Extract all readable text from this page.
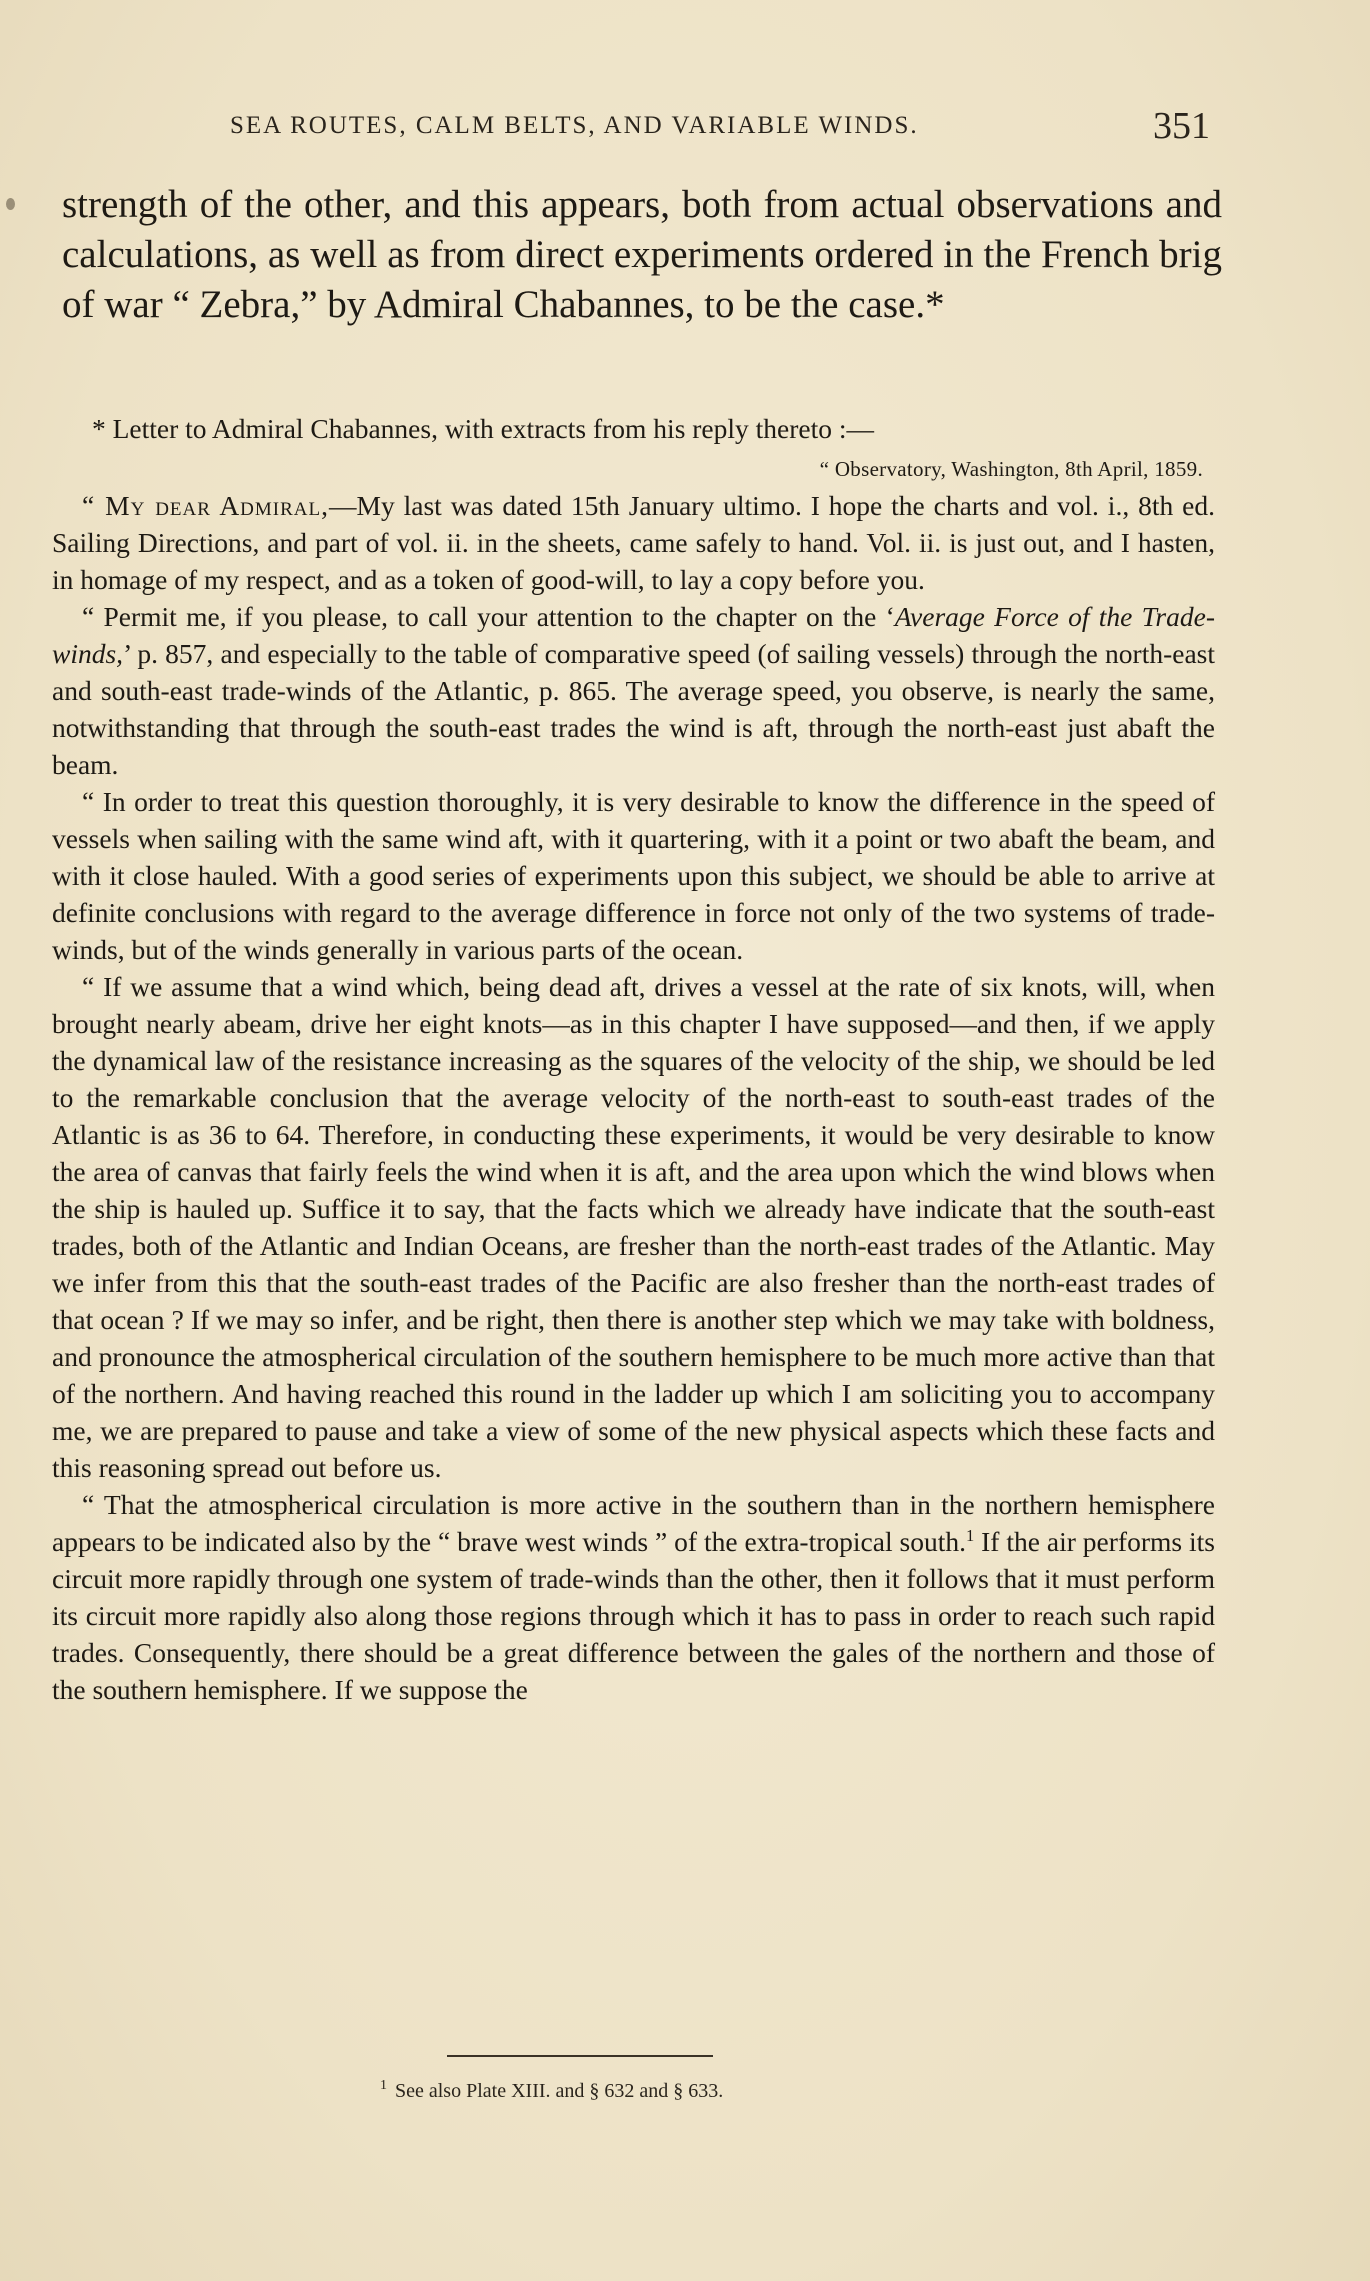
SEA ROUTES, CALM BELTS, AND VARIABLE WINDS.	351

strength of the other, and this appears, both from actual observations and calculations, as well as from direct experiments ordered in the French brig of war “ Zebra,” by Admiral Chabannes, to be the case.*

* Letter to Admiral Chabannes, with extracts from his reply thereto :—

“ Observatory, Washington, 8th April, 1859.

“ My dear Admiral,—My last was dated 15th January ultimo. I hope the charts and vol. i., 8th ed. Sailing Directions, and part of vol. ii. in the sheets, came safely to hand. Vol. ii. is just out, and I hasten, in homage of my respect, and as a token of good-will, to lay a copy before you.

“ Permit me, if you please, to call your attention to the chapter on the ‘Average Force of the Trade-winds,’ p. 857, and especially to the table of comparative speed (of sailing vessels) through the north-east and south-east trade-winds of the Atlantic, p. 865. The average speed, you observe, is nearly the same, notwithstanding that through the south-east trades the wind is aft, through the north-east just abaft the beam.

“ In order to treat this question thoroughly, it is very desirable to know the difference in the speed of vessels when sailing with the same wind aft, with it quartering, with it a point or two abaft the beam, and with it close hauled. With a good series of experiments upon this subject, we should be able to arrive at definite conclusions with regard to the average difference in force not only of the two systems of trade-winds, but of the winds generally in various parts of the ocean.

“ If we assume that a wind which, being dead aft, drives a vessel at the rate of six knots, will, when brought nearly abeam, drive her eight knots—as in this chapter I have supposed—and then, if we apply the dynamical law of the resistance increasing as the squares of the velocity of the ship, we should be led to the remarkable conclusion that the average velocity of the north-east to south-east trades of the Atlantic is as 36 to 64. Therefore, in conducting these experiments, it would be very desirable to know the area of canvas that fairly feels the wind when it is aft, and the area upon which the wind blows when the ship is hauled up. Suffice it to say, that the facts which we already have indicate that the south-east trades, both of the Atlantic and Indian Oceans, are fresher than the north-east trades of the Atlantic. May we infer from this that the south-east trades of the Pacific are also fresher than the north-east trades of that ocean ? If we may so infer, and be right, then there is another step which we may take with boldness, and pronounce the atmospherical circulation of the southern hemisphere to be much more active than that of the northern. And having reached this round in the ladder up which I am soliciting you to accompany me, we are prepared to pause and take a view of some of the new physical aspects which these facts and this reasoning spread out before us.

“ That the atmospherical circulation is more active in the southern than in the northern hemisphere appears to be indicated also by the “ brave west winds ” of the extra-tropical south.$^1$ If the air performs its circuit more rapidly through one system of trade-winds than the other, then it follows that it must perform its circuit more rapidly also along those regions through which it has to pass in order to reach such rapid trades. Consequently, there should be a great difference between the gales of the northern and those of the southern hemisphere. If we suppose the

$^1$ See also Plate XIII. and § 632 and § 633.
